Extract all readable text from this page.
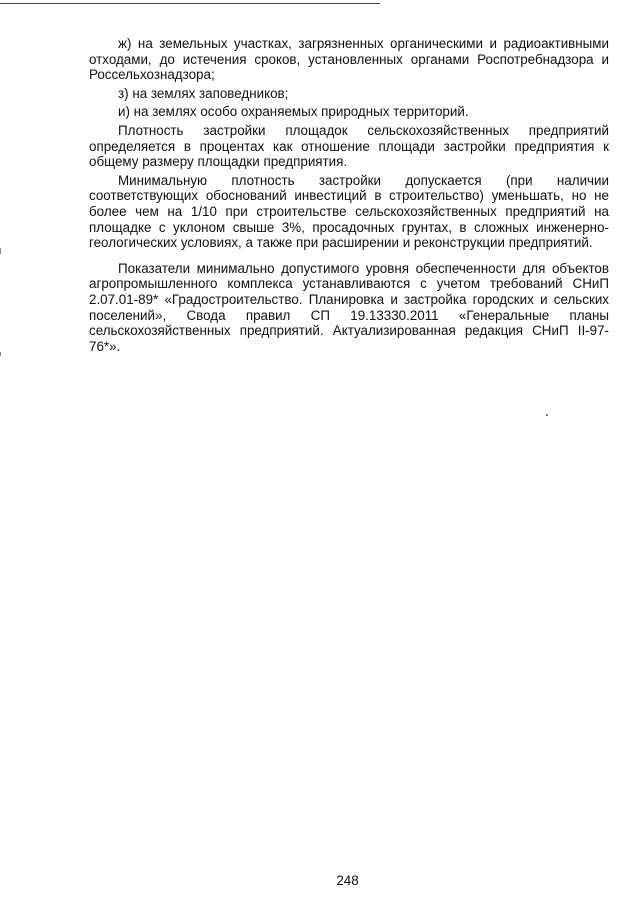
ж) на земельных участках, загрязненных органическими и радиоактивными отходами, до истечения сроков, установленных органами Роспотребнадзора и Россельхознадзора;

з) на землях заповедников;

и) на землях особо охраняемых природных территорий.

Плотность застройки площадок сельскохозяйственных предприятий определяется в процентах как отношение площади застройки предприятия к общему размеру площадки предприятия.

Минимальную плотность застройки допускается (при наличии соответствующих обоснований инвестиций в строительство) уменьшать, но не более чем на 1/10 при строительстве сельскохозяйственных предприятий на площадке с уклоном свыше 3%, просадочных грунтах, в сложных инженерно-геологических условиях, а также при расширении и реконструкции предприятий.

Показатели минимально допустимого уровня обеспеченности для объектов агропромышленного комплекса устанавливаются с учетом требований СНиП 2.07.01-89* «Градостроительство. Планировка и застройка городских и сельских поселений», Свода правил СП 19.13330.2011 «Генеральные планы сельскохозяйственных предприятий. Актуализированная редакция СНиП II-97-76*».

248
